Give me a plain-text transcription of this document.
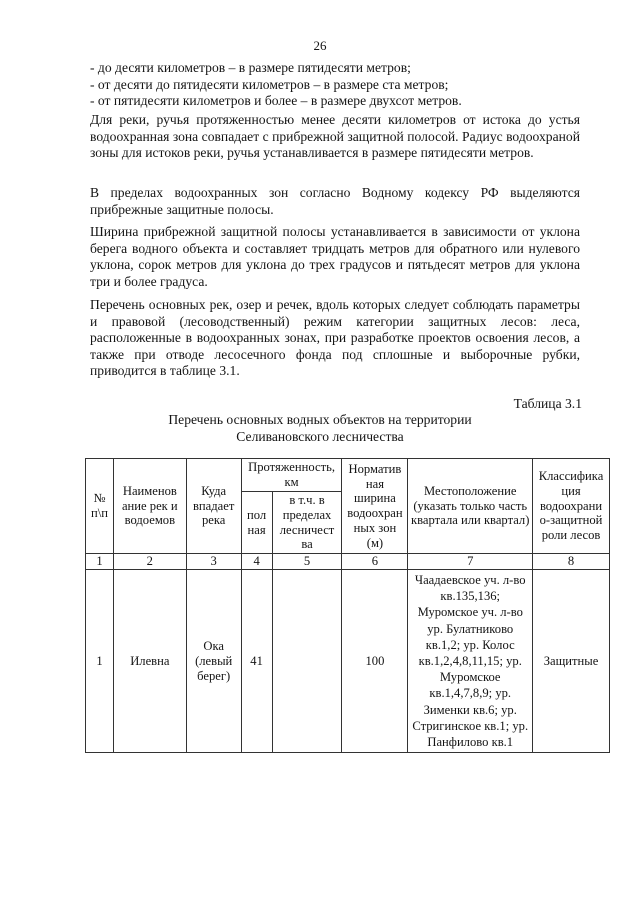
26
- до десяти километров – в размере пятидесяти метров;
- от десяти до пятидесяти километров – в размере ста метров;
- от пятидесяти километров и более – в размере двухсот метров.
Для реки, ручья протяженностью менее десяти километров от истока до устья водоохранная зона совпадает с прибрежной защитной полосой. Радиус водоохраной зоны для истоков реки, ручья устанавливается в размере пятидесяти метров.
В пределах водоохранных зон согласно Водному кодексу РФ выделяются прибрежные защитные полосы.
Ширина прибрежной защитной полосы устанавливается в зависимости от уклона берега водного объекта и составляет тридцать метров для обратного или нулевого уклона, сорок метров для уклона до трех градусов и пятьдесят метров для уклона три и более градуса.
Перечень основных рек, озер и речек, вдоль которых следует соблюдать параметры и правовой (лесоводственный) режим категории защитных лесов: леса, расположенные в водоохранных зонах, при разработке проектов освоения лесов, а также при отводе лесосечного фонда под сплошные и выборочные рубки, приводится в таблице 3.1.
Таблица 3.1
Перечень основных водных объектов на территории
Селивановского лесничества
№ п\п	Наименов ание рек и водоемов	Куда впадает река	Протяженность, км		Норматив ная ширина водоохран ных зон (м)	Местоположение (указать только часть квартала или квартал)	Классифика ция водоохрани о-защитной роли лесов
			пол ная	в т.ч. в пределах лесничест ва			
1	2	3	4	5	6	7	8
1	Илевна	Ока (левый берег)	41		100	Чаадаевское уч. л-во кв.135,136; Муромское уч. л-во ур. Булатниково кв.1,2; ур. Колос кв.1,2,4,8,11,15; ур. Муромское кв.1,4,7,8,9; ур. Зименки кв.6; ур. Стригинское кв.1; ур. Панфилово кв.1	Защитные
